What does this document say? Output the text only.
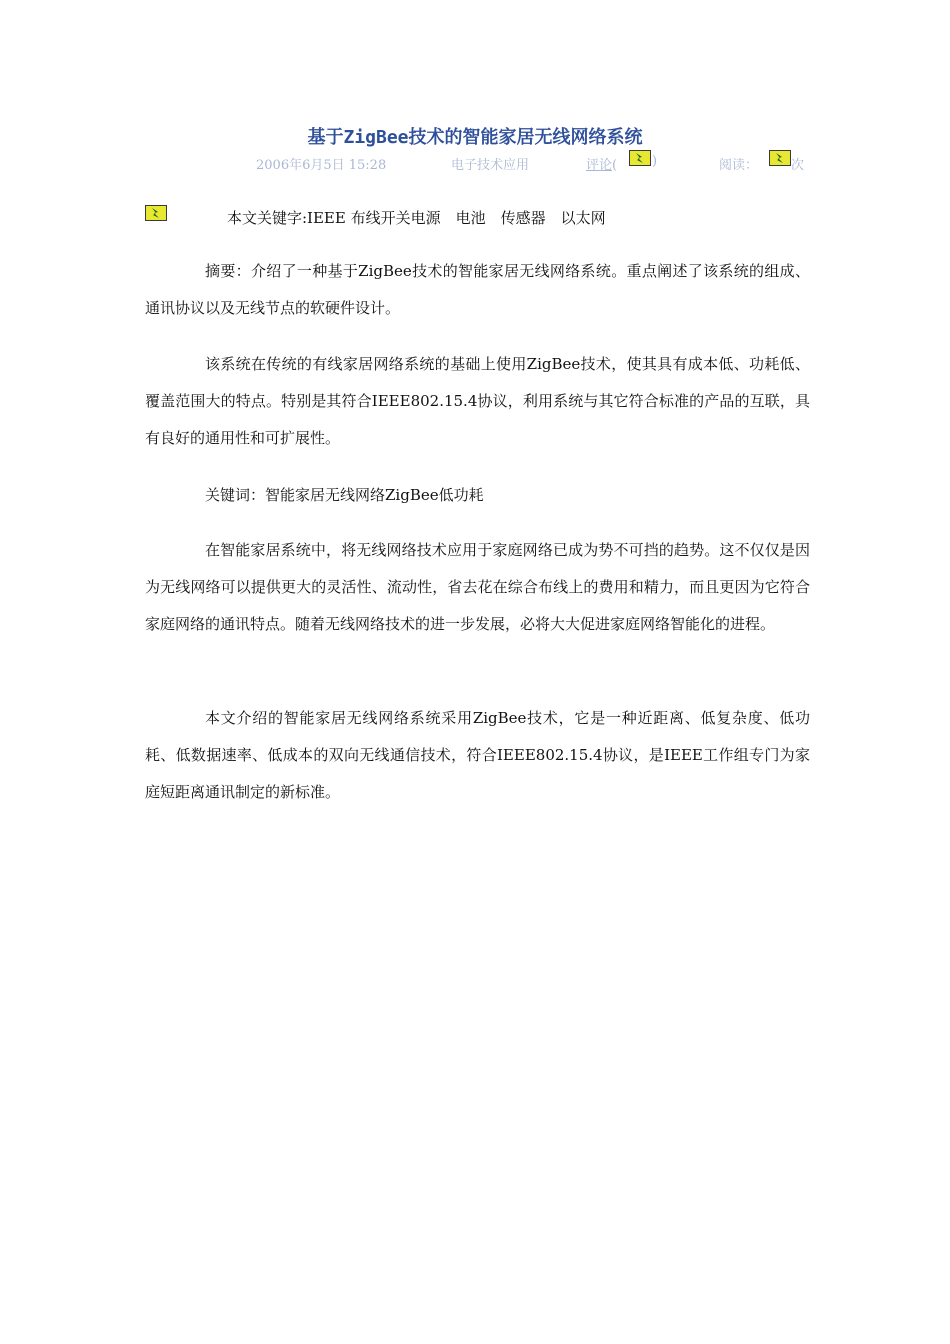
基于ZigBee技术的智能家居无线网络系统
2006年6月5日 15:28	电子技术应用	评论(	)	阅读：	次
本文关键字:IEEE 布线开关电源　电池　传感器　以太网

摘要：介绍了一种基于ZigBee技术的智能家居无线网络系统。重点阐述了该系统的组成、通讯协议以及无线节点的软硬件设计。

该系统在传统的有线家居网络系统的基础上使用ZigBee技术，使其具有成本低、功耗低、覆盖范围大的特点。特别是其符合IEEE802.15.4协议，利用系统与其它符合标准的产品的互联，具有良好的通用性和可扩展性。

关键词：智能家居无线网络ZigBee低功耗

在智能家居系统中，将无线网络技术应用于家庭网络已成为势不可挡的趋势。这不仅仅是因为无线网络可以提供更大的灵活性、流动性，省去花在综合布线上的费用和精力，而且更因为它符合家庭网络的通讯特点。随着无线网络技术的进一步发展，必将大大促进家庭网络智能化的进程。

本文介绍的智能家居无线网络系统采用ZigBee技术，它是一种近距离、低复杂度、低功耗、低数据速率、低成本的双向无线通信技术，符合IEEE802.15.4协议，是IEEE工作组专门为家庭短距离通讯制定的新标准。
